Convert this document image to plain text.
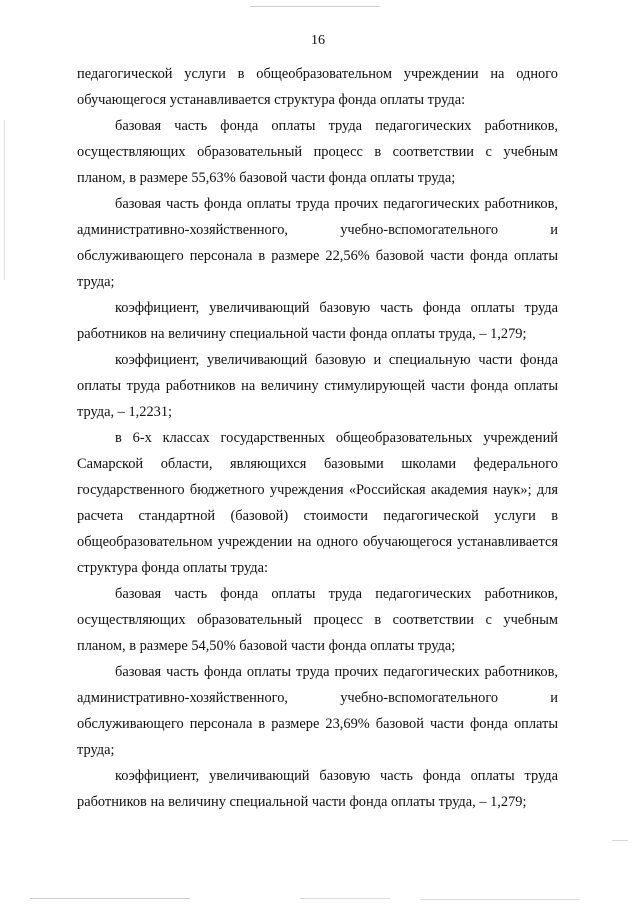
16

педагогической услуги в общеобразовательном учреждении на одного обучающегося устанавливается структура фонда оплаты труда:

базовая часть фонда оплаты труда педагогических работников, осуществляющих образовательный процесс в соответствии с учебным планом, в размере 55,63% базовой части фонда оплаты труда;

базовая часть фонда оплаты труда прочих педагогических работников, административно-хозяйственного, учебно-вспомогательного и обслуживающего персонала в размере 22,56% базовой части фонда оплаты труда;

коэффициент, увеличивающий базовую часть фонда оплаты труда работников на величину специальной части фонда оплаты труда, – 1,279;

коэффициент, увеличивающий базовую и специальную части фонда оплаты труда работников на величину стимулирующей части фонда оплаты труда, – 1,2231;

в 6-х классах государственных общеобразовательных учреждений Самарской области, являющихся базовыми школами федерального государственного бюджетного учреждения «Российская академия наук»; для расчета стандартной (базовой) стоимости педагогической услуги в общеобразовательном учреждении на одного обучающегося устанавливается структура фонда оплаты труда:

базовая часть фонда оплаты труда педагогических работников, осуществляющих образовательный процесс в соответствии с учебным планом, в размере 54,50% базовой части фонда оплаты труда;

базовая часть фонда оплаты труда прочих педагогических работников, административно-хозяйственного, учебно-вспомогательного и обслуживающего персонала в размере 23,69% базовой части фонда оплаты труда;

коэффициент, увеличивающий базовую часть фонда оплаты труда работников на величину специальной части фонда оплаты труда, – 1,279;
